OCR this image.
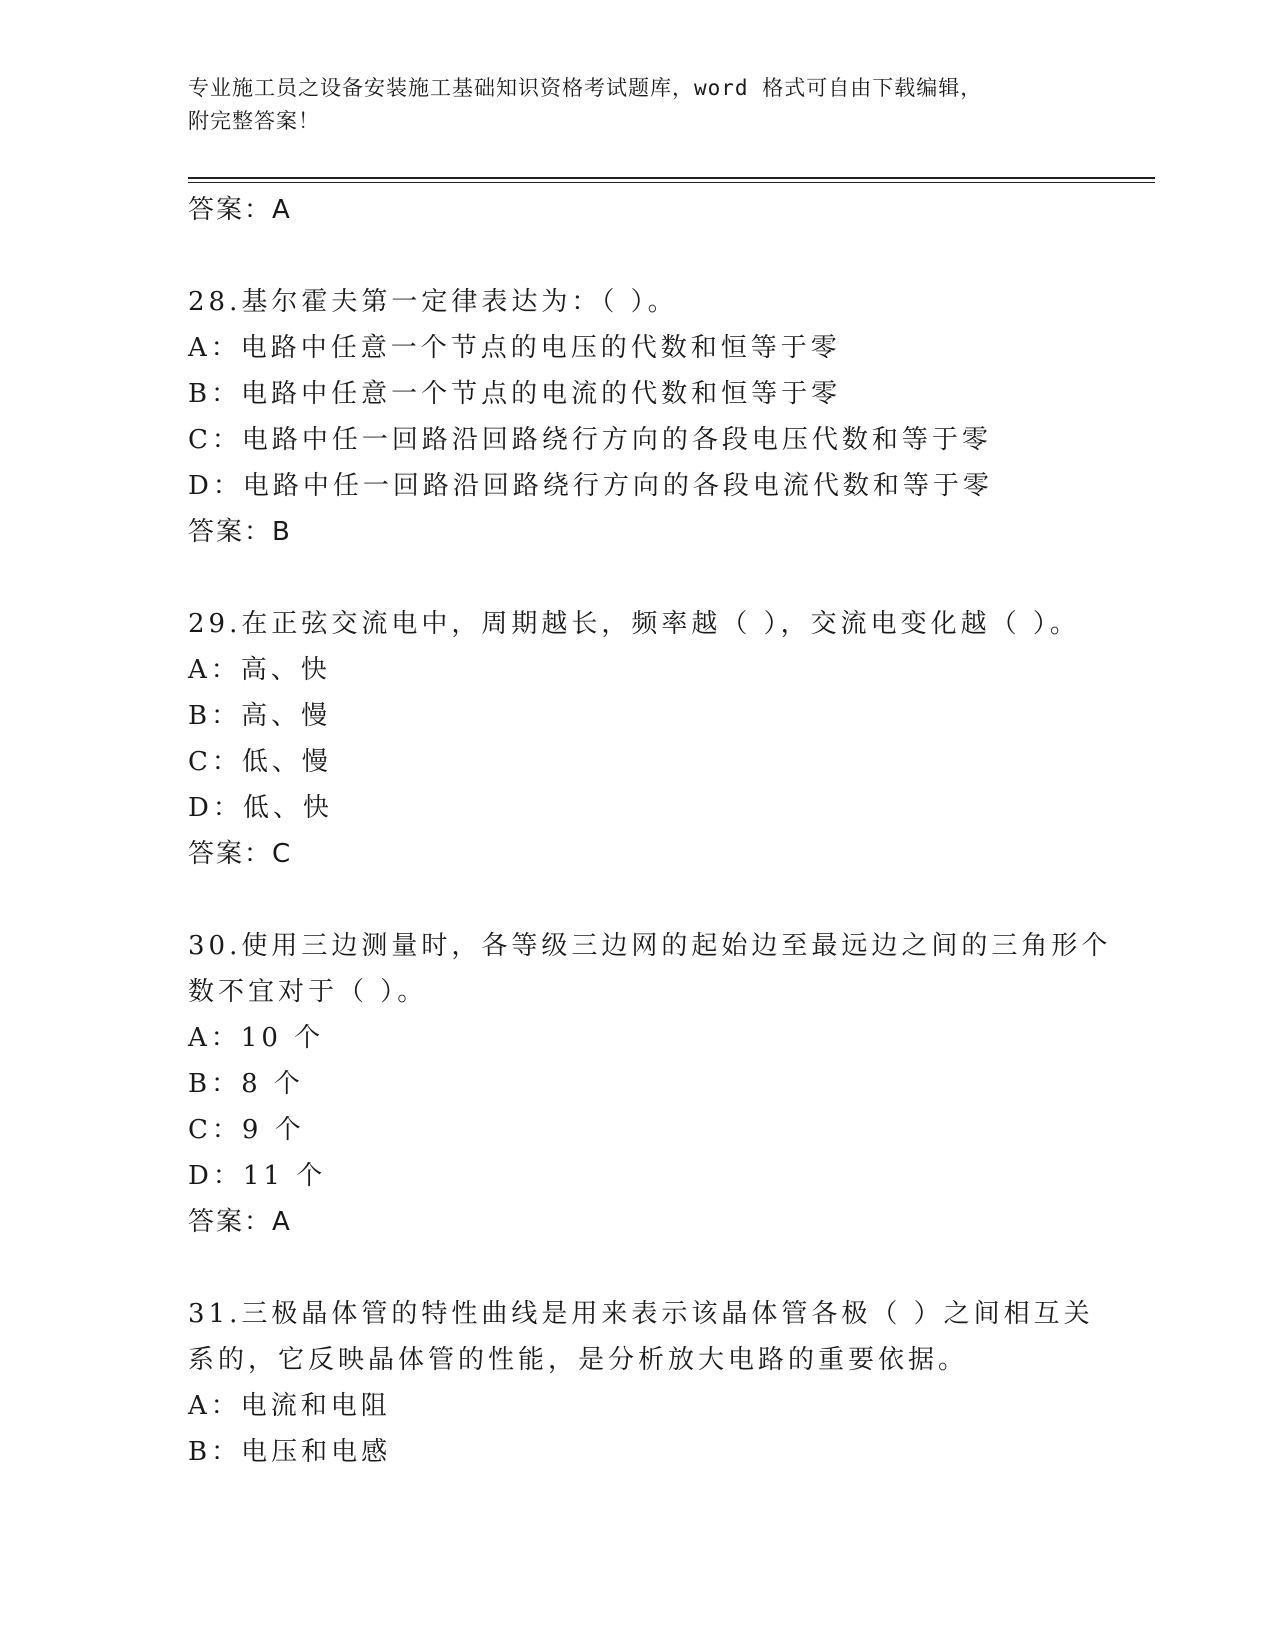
专业施工员之设备安装施工基础知识资格考试题库，word 格式可自由下载编辑，
附完整答案！
答案：A
28.基尔霍夫第一定律表达为：（ ）。
A：电路中任意一个节点的电压的代数和恒等于零
B：电路中任意一个节点的电流的代数和恒等于零
C：电路中任一回路沿回路绕行方向的各段电压代数和等于零
D：电路中任一回路沿回路绕行方向的各段电流代数和等于零
答案：B
29.在正弦交流电中，周期越长，频率越（ ），交流电变化越（ ）。
A：高、快
B：高、慢
C：低、慢
D：低、快
答案：C
30.使用三边测量时，各等级三边网的起始边至最远边之间的三角形个
数不宜对于（ ）。
A：10 个
B：8 个
C：9 个
D：11 个
答案：A
31.三极晶体管的特性曲线是用来表示该晶体管各极（ ）之间相互关
系的，它反映晶体管的性能，是分析放大电路的重要依据。
A：电流和电阻
B：电压和电感
